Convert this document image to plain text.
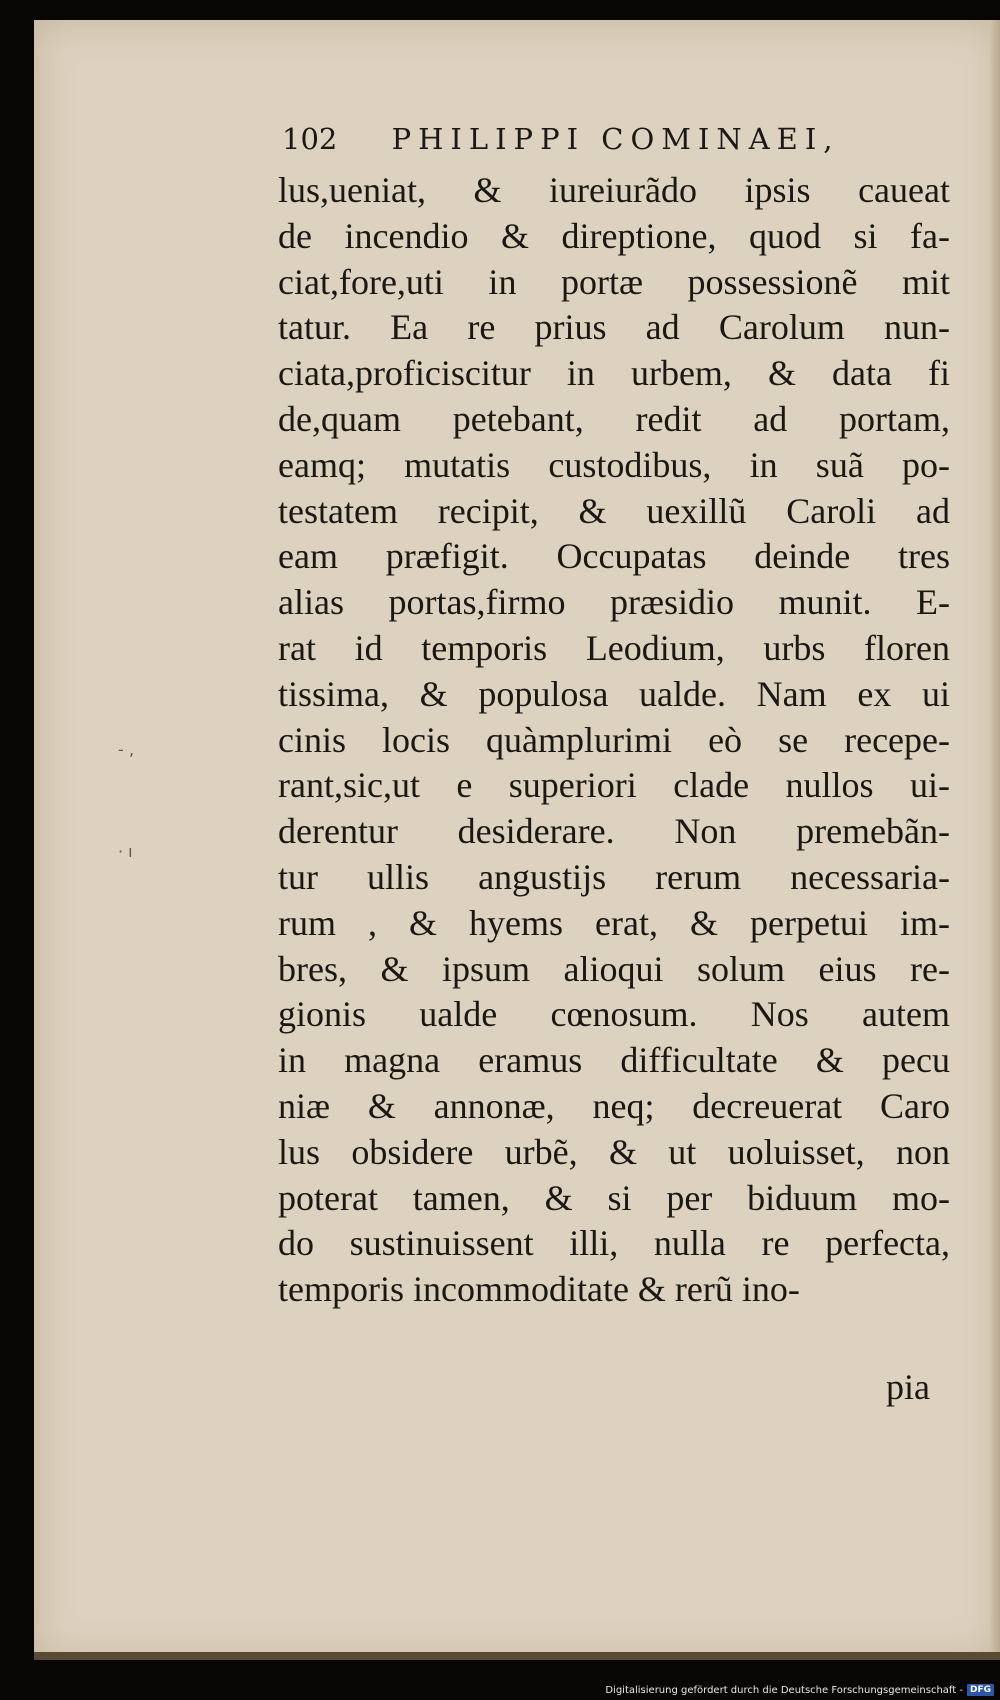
102 PHILIPPI COMINAEI,
lus,ueniat, & iureiurãdo ipsis caueat
de incendio & direptione, quod si fa-
ciat,fore,uti in portæ possessionẽ mit
tatur. Ea re prius ad Carolum nun-
ciata,proficiscitur in urbem, & data fi
de,quam petebant, redit ad portam,
eamq; mutatis custodibus, in suã po-
testatem recipit, & uexillũ Caroli ad
eam præfigit. Occupatas deinde tres
alias portas,firmo præsidio munit. E-
rat id temporis Leodium, urbs floren
tissima, & populosa ualde. Nam ex ui
cinis locis quàmplurimi eò se recepe-
rant,sic,ut e superiori clade nullos ui-
derentur desiderare. Non premebãn-
tur ullis angustijs rerum necessaria-
rum , & hyems erat, & perpetui im-
bres, & ipsum alioqui solum eius re-
gionis ualde cœnosum. Nos autem
in magna eramus difficultate & pecu
niæ & annonæ, neq; decreuerat Caro
lus obsidere urbẽ, & ut uoluisset, non
poterat tamen, & si per biduum mo-
do sustinuissent illi, nulla re perfecta,
temporis incommoditate & rerũ ino-
pia
- ‚
· ı
Digitalisierung gefördert durch die Deutsche Forschungsgemeinschaft - DFG
